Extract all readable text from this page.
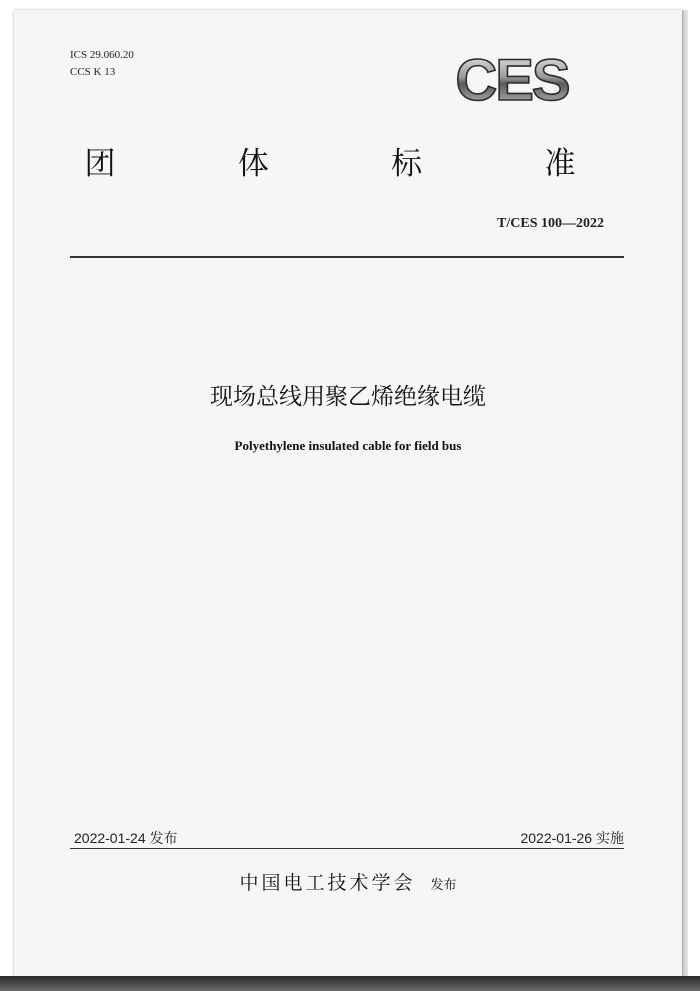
ICS 29.060.20
CCS K 13	CES
团	体	标	准
T/CES 100—2022
现场总线用聚乙烯绝缘电缆
Polyethylene insulated cable for field bus
2022-01-24 发布	2022-01-26 实施
中国电工技术学会 发布
